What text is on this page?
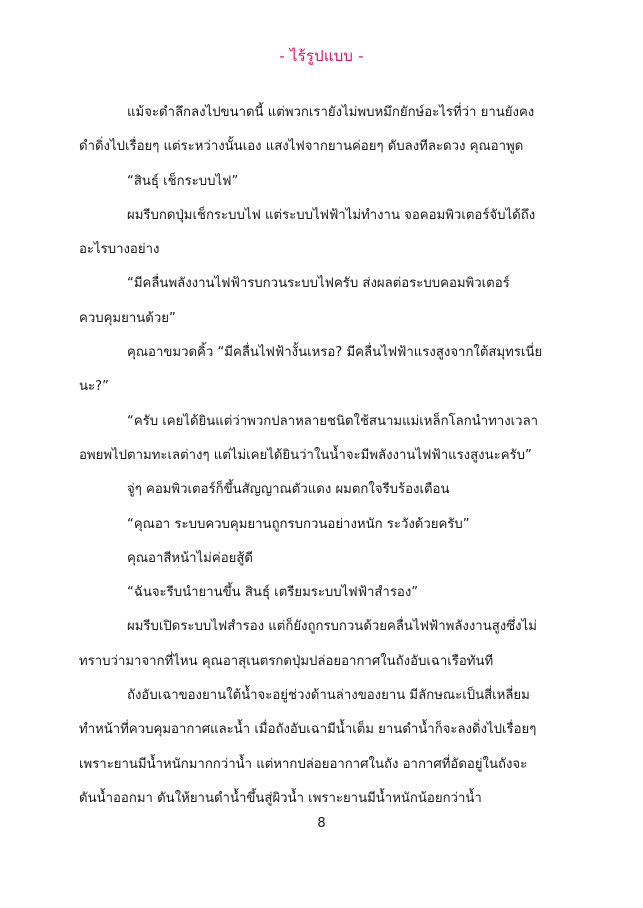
- ไร้รูปแบบ -

แม้จะดำลึกลงไปขนาดนี้ แต่พวกเรายังไม่พบหมึกยักษ์อะไรที่ว่า ยานยังคง
ดำดิ่งไปเรื่อยๆ แต่ระหว่างนั้นเอง แสงไฟจากยานค่อยๆ ดับลงทีละดวง คุณอาพูด

“สินธุ์ เช็กระบบไฟ”

ผมรีบกดปุ่มเช็กระบบไฟ แต่ระบบไฟฟ้าไม่ทำงาน จอคอมพิวเตอร์จับได้ถึง
อะไรบางอย่าง

“มีคลื่นพลังงานไฟฟ้ารบกวนระบบไฟครับ ส่งผลต่อระบบคอมพิวเตอร์
ควบคุมยานด้วย”

คุณอาขมวดคิ้ว “มีคลื่นไฟฟ้างั้นเหรอ? มีคลื่นไฟฟ้าแรงสูงจากใต้สมุทรเนี่ย
นะ?”

“ครับ เคยได้ยินแต่ว่าพวกปลาหลายชนิดใช้สนามแม่เหล็กโลกนำทางเวลา
อพยพไปตามทะเลต่างๆ แต่ไม่เคยได้ยินว่าในน้ำจะมีพลังงานไฟฟ้าแรงสูงนะครับ”

จู่ๆ คอมพิวเตอร์ก็ขึ้นสัญญาณตัวแดง ผมตกใจรีบร้องเตือน

“คุณอา ระบบควบคุมยานถูกรบกวนอย่างหนัก ระวังด้วยครับ”

คุณอาสีหน้าไม่ค่อยสู้ดี

“ฉันจะรีบนำยานขึ้น สินธุ์ เตรียมระบบไฟฟ้าสำรอง”

ผมรีบเปิดระบบไฟสำรอง แต่ก็ยังถูกรบกวนด้วยคลื่นไฟฟ้าพลังงานสูงซึ่งไม่
ทราบว่ามาจากที่ไหน คุณอาสุเนตรกดปุ่มปล่อยอากาศในถังอับเฉาเรือทันที

ถังอับเฉาของยานใต้น้ำจะอยู่ช่วงด้านล่างของยาน มีลักษณะเป็นสี่เหลี่ยม
ทำหน้าที่ควบคุมอากาศและน้ำ เมื่อถังอับเฉามีน้ำเต็ม ยานดำน้ำก็จะลงดิ่งไปเรื่อยๆ
เพราะยานมีน้ำหนักมากกว่าน้ำ แต่หากปล่อยอากาศในถัง อากาศที่อัดอยู่ในถังจะ
ดันน้ำออกมา ดันให้ยานดำน้ำขึ้นสู่ผิวน้ำ เพราะยานมีน้ำหนักน้อยกว่าน้ำ

8
